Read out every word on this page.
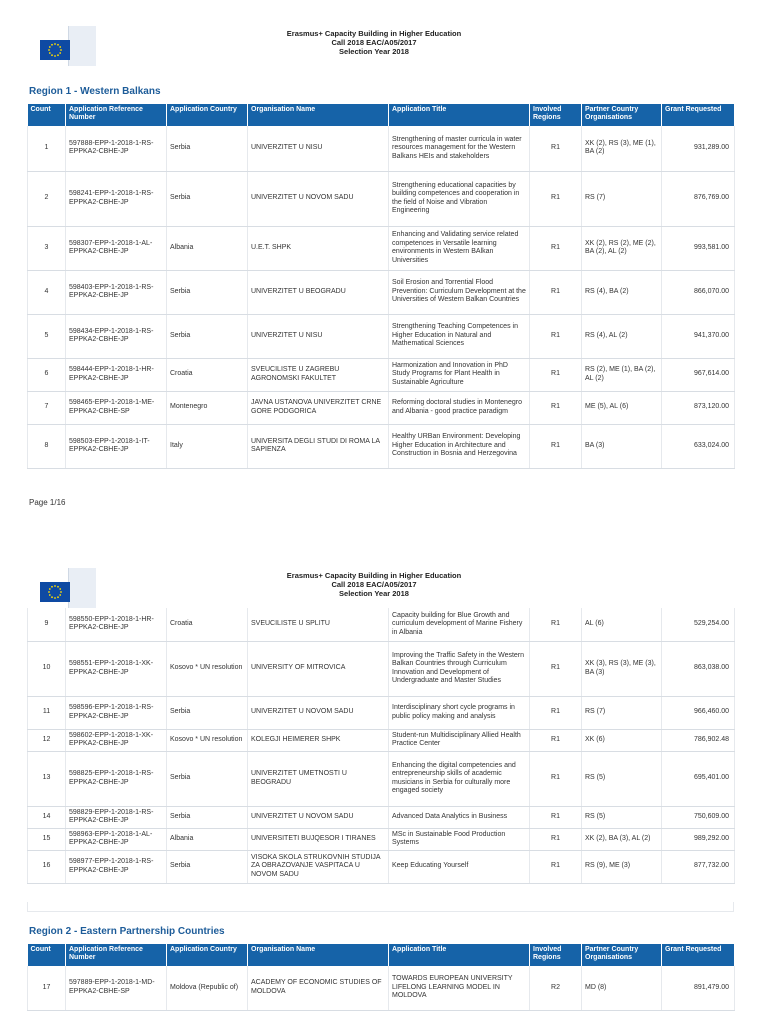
Erasmus+ Capacity Building in Higher Education
Call 2018 EAC/A05/2017
Selection Year 2018
Region 1 - Western Balkans
Count	Application Reference Number	Application Country	Organisation Name	Application Title	Involved Regions	Partner Country Organisations	Grant Requested
1	597888-EPP-1-2018-1-RS-EPPKA2-CBHE-JP	Serbia	UNIVERZITET U NISU	Strengthening of master curricula in water resources management for the Western Balkans HEIs and stakeholders	R1	XK (2), RS (3), ME (1), BA (2)	931,289.00
2	598241-EPP-1-2018-1-RS-EPPKA2-CBHE-JP	Serbia	UNIVERZITET U NOVOM SADU	Strengthening educational capacities by building competences and cooperation in the field of Noise and Vibration Engineering	R1	RS (7)	876,769.00
3	598307-EPP-1-2018-1-AL-EPPKA2-CBHE-JP	Albania	U.E.T. SHPK	Enhancing and Validating service related competences in Versatile learning environments in Western BAlkan Universities	R1	XK (2), RS (2), ME (2), BA (2), AL (2)	993,581.00
4	598403-EPP-1-2018-1-RS-EPPKA2-CBHE-JP	Serbia	UNIVERZITET U BEOGRADU	Soil Erosion and Torrential Flood Prevention: Curriculum Development at the Universities of Western Balkan Countries	R1	RS (4), BA (2)	866,070.00
5	598434-EPP-1-2018-1-RS-EPPKA2-CBHE-JP	Serbia	UNIVERZITET U NISU	Strengthening Teaching Competences in Higher Education in Natural and Mathematical Sciences	R1	RS (4), AL (2)	941,370.00
6	598444-EPP-1-2018-1-HR-EPPKA2-CBHE-JP	Croatia	SVEUCILISTE U ZAGREBU AGRONOMSKI FAKULTET	Harmonization and Innovation in PhD Study Programs for Plant Health in Sustainable Agriculture	R1	RS (2), ME (1), BA (2), AL (2)	967,614.00
7	598465-EPP-1-2018-1-ME-EPPKA2-CBHE-SP	Montenegro	JAVNA USTANOVA UNIVERZITET CRNE GORE PODGORICA	Reforming doctoral studies in Montenegro and Albania - good practice paradigm	R1	ME (5), AL (6)	873,120.00
8	598503-EPP-1-2018-1-IT-EPPKA2-CBHE-JP	Italy	UNIVERSITA DEGLI STUDI DI ROMA LA SAPIENZA	Healthy URBan Environment: Developing Higher Education in Architecture and Construction in Bosnia and Herzegovina	R1	BA (3)	633,024.00
Page 1/16
Erasmus+ Capacity Building in Higher Education
Call 2018 EAC/A05/2017
Selection Year 2018
9	598550-EPP-1-2018-1-HR-EPPKA2-CBHE-JP	Croatia	SVEUCILISTE U SPLITU	Capacity building for Blue Growth and curriculum development of Marine Fishery in Albania	R1	AL (6)	529,254.00
10	598551-EPP-1-2018-1-XK-EPPKA2-CBHE-JP	Kosovo * UN resolution	UNIVERSITY OF MITROVICA	Improving the Traffic Safety in the Western Balkan Countries through Curriculum Innovation and Development of Undergraduate and Master Studies	R1	XK (3), RS (3), ME (3), BA (3)	863,038.00
11	598596-EPP-1-2018-1-RS-EPPKA2-CBHE-JP	Serbia	UNIVERZITET U NOVOM SADU	Interdisciplinary short cycle programs in public policy making and analysis	R1	RS (7)	966,460.00
12	598602-EPP-1-2018-1-XK-EPPKA2-CBHE-JP	Kosovo * UN resolution	KOLEGJI HEIMERER SHPK	Student-run Multidisciplinary Allied Health Practice Center	R1	XK (6)	786,902.48
13	598825-EPP-1-2018-1-RS-EPPKA2-CBHE-JP	Serbia	UNIVERZITET UMETNOSTI U BEOGRADU	Enhancing the digital competencies and entrepreneurship skills of academic musicians in Serbia for culturally more engaged society	R1	RS (5)	695,401.00
14	598829-EPP-1-2018-1-RS-EPPKA2-CBHE-JP	Serbia	UNIVERZITET U NOVOM SADU	Advanced Data Analytics in Business	R1	RS (5)	750,609.00
15	598963-EPP-1-2018-1-AL-EPPKA2-CBHE-JP	Albania	UNIVERSITETI BUJQESOR I TIRANES	MSc in Sustainable Food Production Systems	R1	XK (2), BA (3), AL (2)	989,292.00
16	598977-EPP-1-2018-1-RS-EPPKA2-CBHE-JP	Serbia	VISOKA SKOLA STRUKOVNIH STUDIJA ZA OBRAZOVANJE VASPITACA U NOVOM SADU	Keep Educating Yourself	R1	RS (9), ME (3)	877,732.00
Region 2 - Eastern Partnership Countries
Count	Application Reference Number	Application Country	Organisation Name	Application Title	Involved Regions	Partner Country Organisations	Grant Requested
17	597889-EPP-1-2018-1-MD-EPPKA2-CBHE-SP	Moldova (Republic of)	ACADEMY OF ECONOMIC STUDIES OF MOLDOVA	TOWARDS EUROPEAN UNIVERSITY LIFELONG LEARNING MODEL IN MOLDOVA	R2	MD (8)	891,479.00
